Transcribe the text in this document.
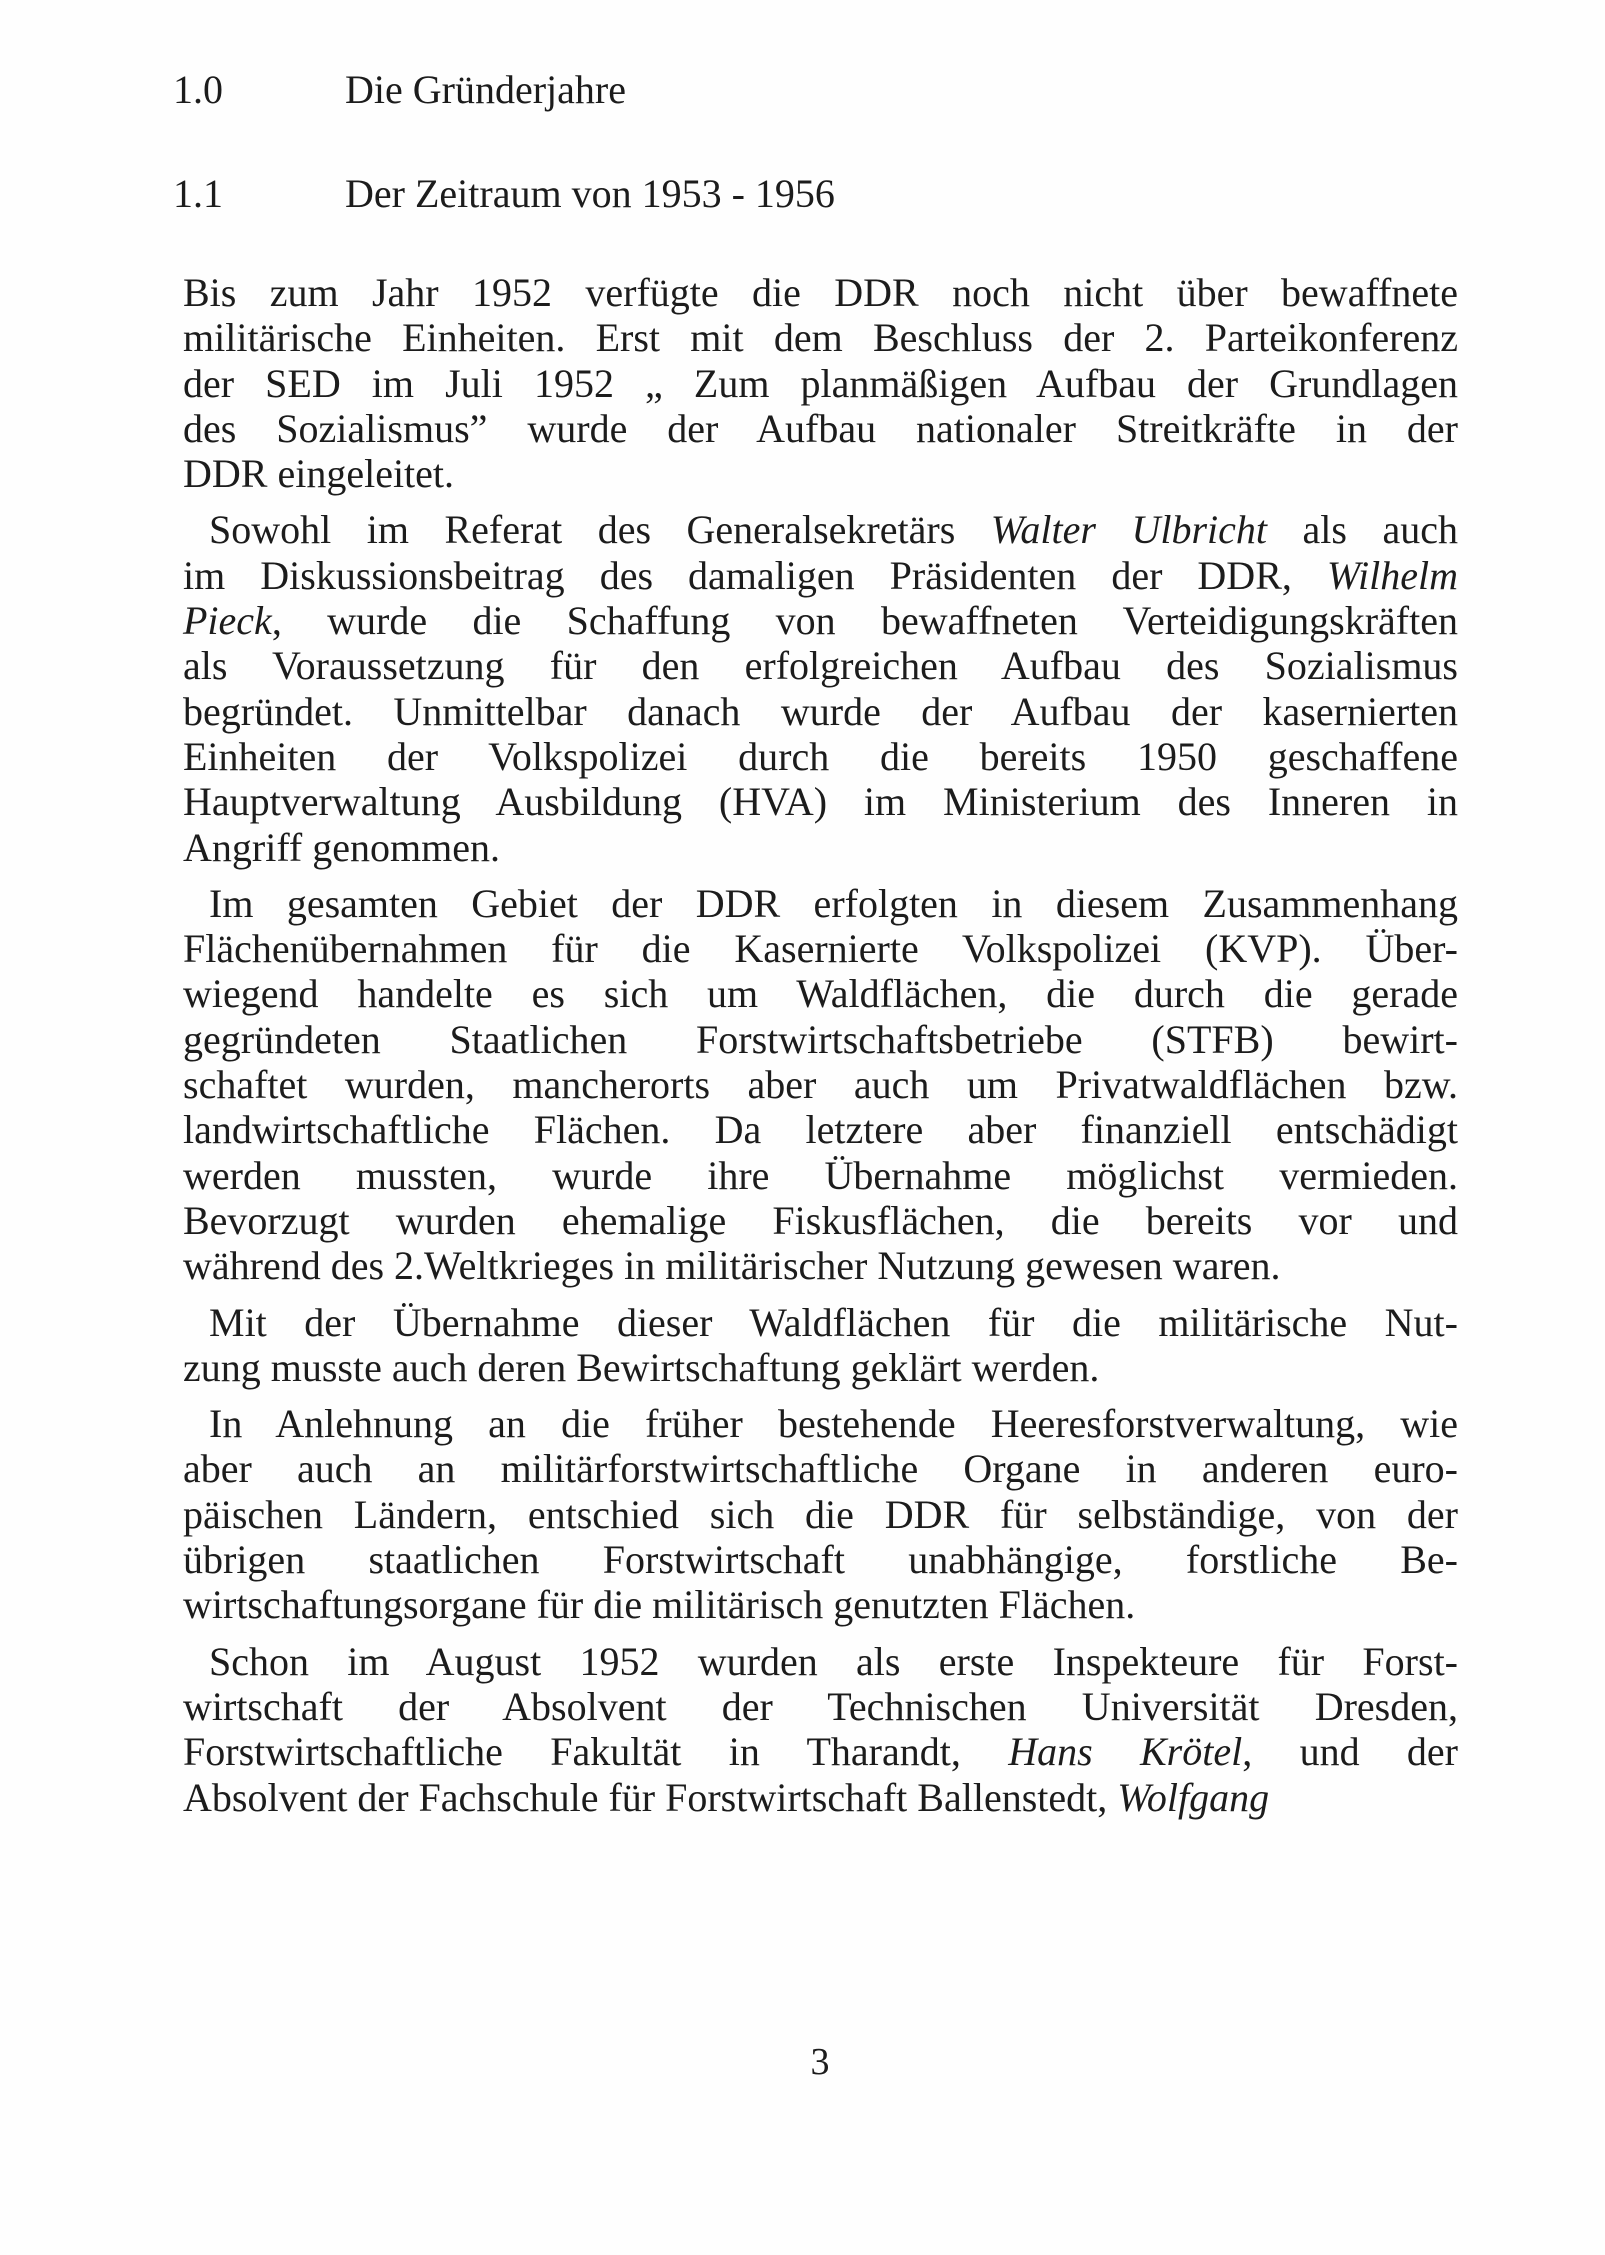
1.0	Die Gründerjahre
1.1	Der Zeitraum von 1953 - 1956
Bis zum Jahr 1952 verfügte die DDR noch nicht über bewaffnete
militärische Einheiten. Erst mit dem Beschluss der 2. Parteikonferenz
der SED im Juli 1952 „ Zum planmäßigen Aufbau der Grundlagen
des Sozialismus” wurde der Aufbau nationaler Streitkräfte in der
DDR eingeleitet.
Sowohl im Referat des Generalsekretärs Walter Ulbricht als auch
im Diskussionsbeitrag des damaligen Präsidenten der DDR, Wilhelm
Pieck, wurde die Schaffung von bewaffneten Verteidigungskräften
als Voraussetzung für den erfolgreichen Aufbau des Sozialismus
begründet. Unmittelbar danach wurde der Aufbau der kasernierten
Einheiten der Volkspolizei durch die bereits 1950 geschaffene
Hauptverwaltung Ausbildung (HVA) im Ministerium des Inneren in
Angriff genommen.
Im gesamten Gebiet der DDR erfolgten in diesem Zusammenhang
Flächenübernahmen für die Kasernierte Volkspolizei (KVP). Über-
wiegend handelte es sich um Waldflächen, die durch die gerade
gegründeten Staatlichen Forstwirtschaftsbetriebe (STFB) bewirt-
schaftet wurden, mancherorts aber auch um Privatwaldflächen bzw.
landwirtschaftliche Flächen. Da letztere aber finanziell entschädigt
werden mussten, wurde ihre Übernahme möglichst vermieden.
Bevorzugt wurden ehemalige Fiskusflächen, die bereits vor und
während des 2.Weltkrieges in militärischer Nutzung gewesen waren.
Mit der Übernahme dieser Waldflächen für die militärische Nut-
zung musste auch deren Bewirtschaftung geklärt werden.
In Anlehnung an die früher bestehende Heeresforstverwaltung, wie
aber auch an militärforstwirtschaftliche Organe in anderen euro-
päischen Ländern, entschied sich die DDR für selbständige, von der
übrigen staatlichen Forstwirtschaft unabhängige, forstliche Be-
wirtschaftungsorgane für die militärisch genutzten Flächen.
Schon im August 1952 wurden als erste Inspekteure für Forst-
wirtschaft der Absolvent der Technischen Universität Dresden,
Forstwirtschaftliche Fakultät in Tharandt, Hans Krötel, und der
Absolvent der Fachschule für Forstwirtschaft Ballenstedt, Wolfgang
3
